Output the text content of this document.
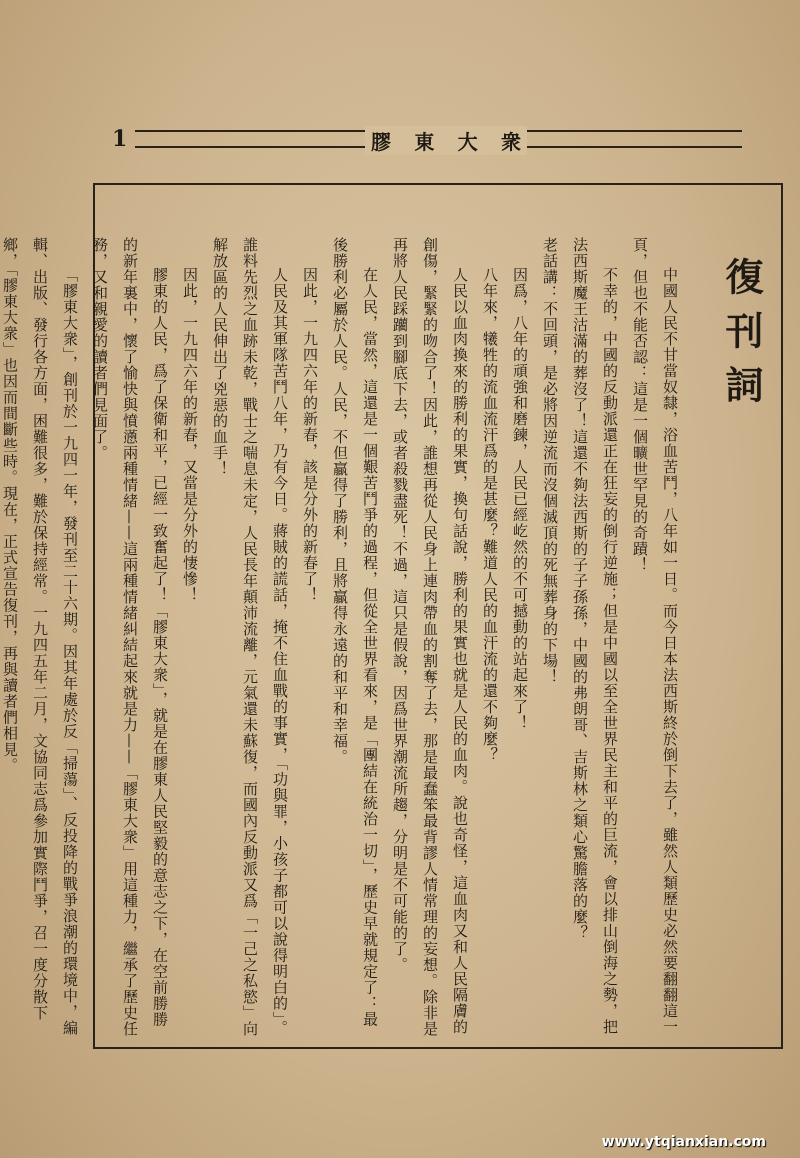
1	膠 東 大 衆
復刊詞

中國人民不甘當奴隸，浴血苦鬥，八年如一日。而今日本法西斯終於倒下去了，雖然人類歷史必然要翻翻這一頁，但也不能否認：這是一個曠世罕見的奇蹟！

不幸的，中國的反動派還正在狂妄的倒行逆施；但是中國以至全世界民主和平的巨流，會以排山倒海之勢，把法西斯魔王沽滿的葬沒了！這還不夠法西斯的子子孫孫，中國的弗朗哥、吉斯林之類心驚膽落的麼？

老話講：不回頭，是必將因逆流而沒個滅頂的死無葬身的下場！

因爲，八年的頑強和磨鍊，人民已經屹然的不可撼動的站起來了！

八年來，犧牲的流血流汗爲的是甚麼？難道人民的血汗流的還不夠麼？

人民以血肉換來的勝利的果實，換句話說，勝利的果實也就是人民的血肉。說也奇怪，這血肉又和人民隔膚的創傷，緊緊的吻合了！因此，誰想再從人民身上連肉帶血的割奪了去，那是最蠢笨最背謬人情常理的妄想。除非是再將人民踩躪到腳底下去，或者殺戮盡死！不過，這只是假說，因爲世界潮流所趨，分明是不可能的了。

在人民，當然，這還是一個艱苦鬥爭的過程，但從全世界看來，是「團結在統治一切」，歷史早就規定了：最後勝利必屬於人民。人民，不但贏得了勝利，且將贏得永遠的和平和幸福。

因此，一九四六年的新春，該是分外的新春了！

人民及其軍隊苦鬥八年，乃有今日。蔣賊的謊話，掩不住血戰的事實，「功與罪，小孩子都可以說得明白的」。誰料先烈之血跡未乾，戰士之喘息未定，人民長年顛沛流離，元氣還未蘇復，而國內反動派又爲「一己之私慾」向解放區的人民伸出了兇惡的血手！

因此，一九四六年的新春，又當是分外的悽慘！

膠東的人民，爲了保衛和平，已經一致奮起了！「膠東大衆」，就是在膠東人民堅毅的意志之下，在空前勝勝的新年裏中，懷了愉快與憤懣兩種情緒——這兩種情緒糾結起來就是力——「膠東大衆」用這種力，繼承了歷史任務，又和親愛的讀者們見面了。

「膠東大衆」，創刊於一九四一年，發刊至二十六期。因其年處於反「掃蕩」、反投降的戰爭浪潮的環境中，編輯、出版、發行各方面，困難很多，難於保持經常。一九四五年二月，文協同志爲參加實際鬥爭，召一度分散下鄉，「膠東大衆」也因而間斷些時。現在，正式宣告復刊，再與讀者們相見。

www.ytqianxian.com
